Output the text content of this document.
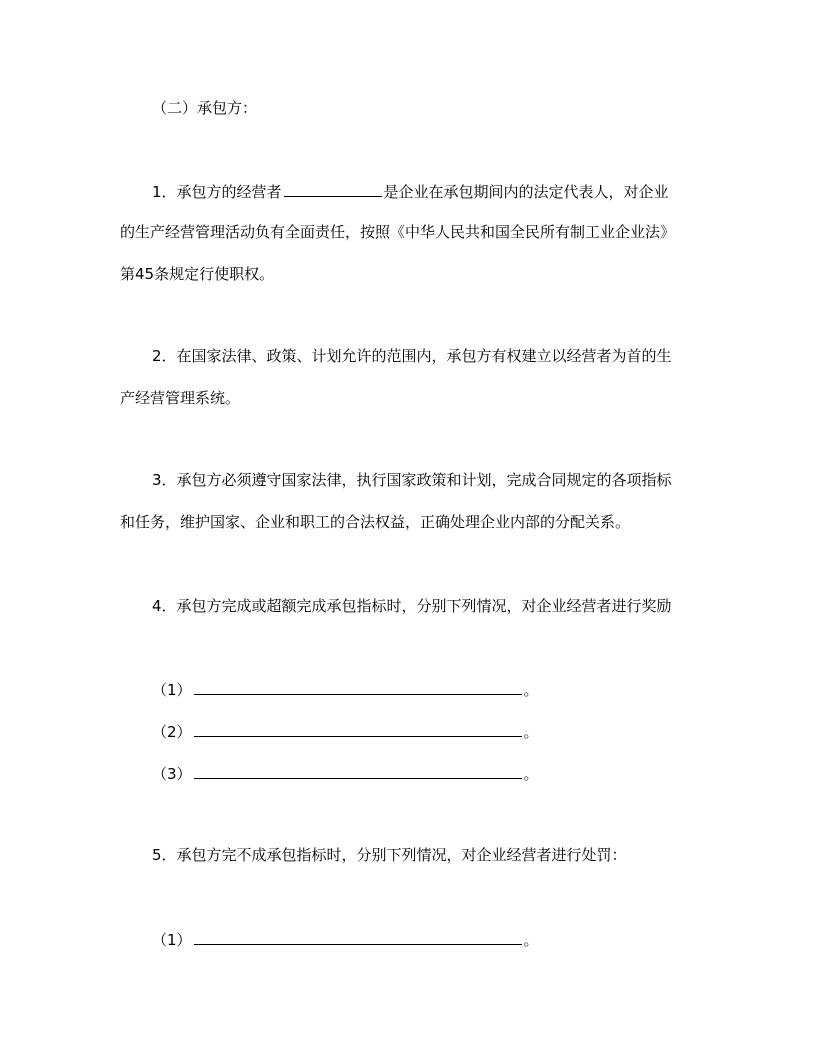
（二）承包方：
1．承包方的经营者	是企业在承包期间内的法定代表人，对企业
的生产经营管理活动负有全面责任，按照《中华人民共和国全民所有制工业企业法》
第45条规定行使职权。
2．在国家法律、政策、计划允许的范围内，承包方有权建立以经营者为首的生
产经营管理系统。
3．承包方必须遵守国家法律，执行国家政策和计划，完成合同规定的各项指标
和任务，维护国家、企业和职工的合法权益，正确处理企业内部的分配关系。
4．承包方完成或超额完成承包指标时，分别下列情况，对企业经营者进行奖励
（1）	。
（2）	。
（3）	。
5．承包方完不成承包指标时，分别下列情况，对企业经营者进行处罚：
（1）	。
